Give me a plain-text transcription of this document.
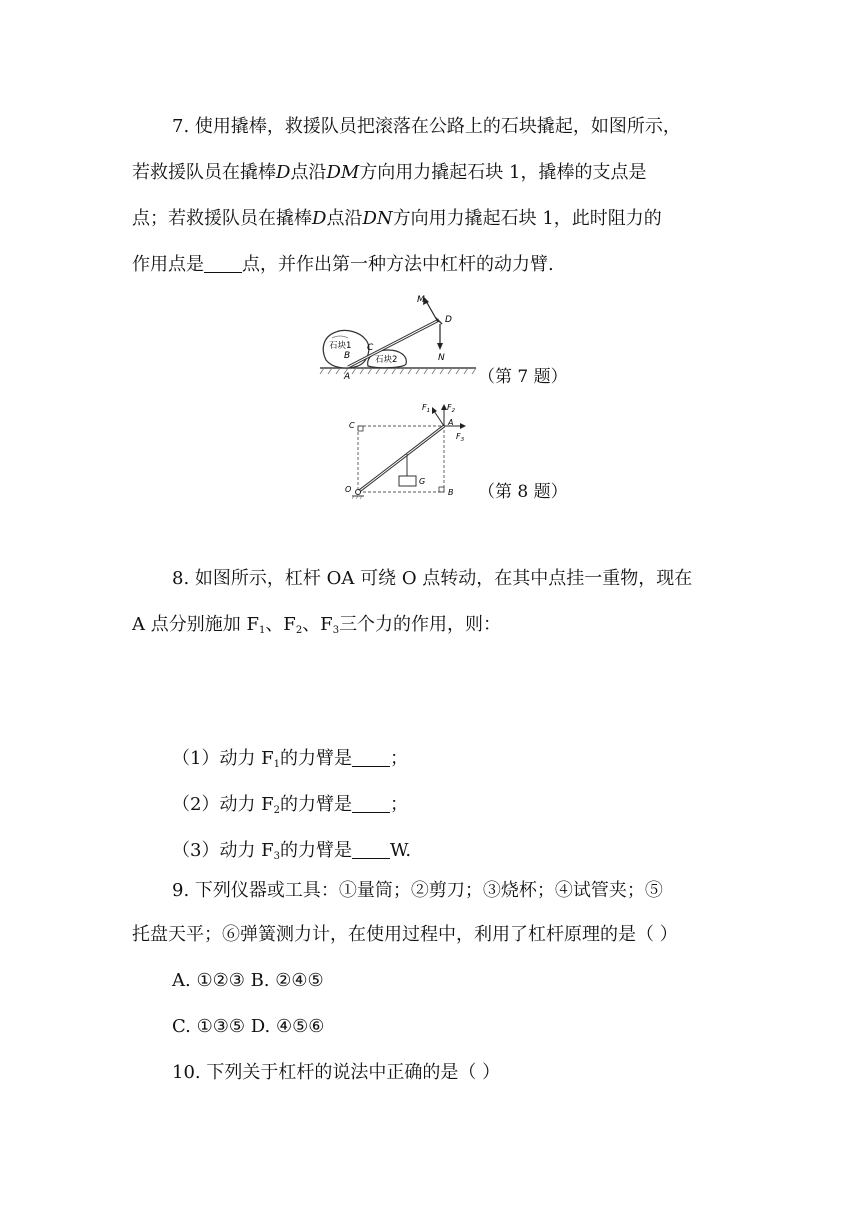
7. 使用撬棒，救援队员把滚落在公路上的石块撬起，如图所示，
若救援队员在撬棒D点沿DM方向用力撬起石块 1，撬棒的支点是
点；若救援队员在撬棒D点沿DN方向用力撬起石块 1，此时阻力的
作用点是 点，并作出第一种方法中杠杆的动力臂.
M
D
N
C
B
A
石块1
石块2
（第 7 题）
$F_1$ $F_2$
$F_3$
A
C
O
G
B （第 8 题）
8. 如图所示，杠杆 OA 可绕 O 点转动，在其中点挂一重物，现在
A 点分别施加 $F_1$、$F_2$、$F_3$三个力的作用，则：
（1）动力 $F_1$的力臂是 ；
（2）动力 $F_2$的力臂是 ；
（3）动力 $F_3$的力臂是 W.
9. 下列仪器或工具：①量筒；②剪刀；③烧杯；④试管夹；⑤
托盘天平；⑥弹簧测力计，在使用过程中，利用了杠杆原理的是（ ）
A. ①②③ B. ②④⑤
C. ①③⑤ D. ④⑤⑥
10. 下列关于杠杆的说法中正确的是（ ）
